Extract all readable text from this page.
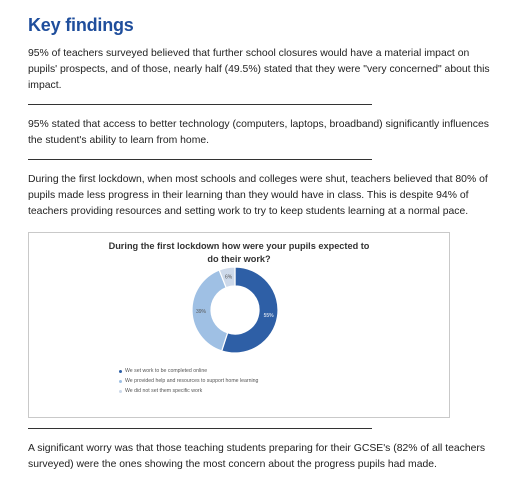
Key findings

95% of teachers surveyed believed that further school closures would have a material impact on pupils' prospects, and of those, nearly half (49.5%) stated that they were "very concerned" about this impact.

95% stated that access to better technology (computers, laptops, broadband) significantly influences the student's ability to learn from home.

During the first lockdown, when most schools and colleges were shut, teachers believed that 80% of pupils made less progress in their learning than they would have in class. This is despite 94% of teachers providing resources and setting work to try to keep students learning at a normal pace.

During the first lockdown how were your pupils expected to
do their work?
55%
39%
6%
We set work to be completed online
We provided help and resources to support home learning
We did not set them specific work

A significant worry was that those teaching students preparing for their GCSE's (82% of all teachers surveyed) were the ones showing the most concern about the progress pupils had made.
